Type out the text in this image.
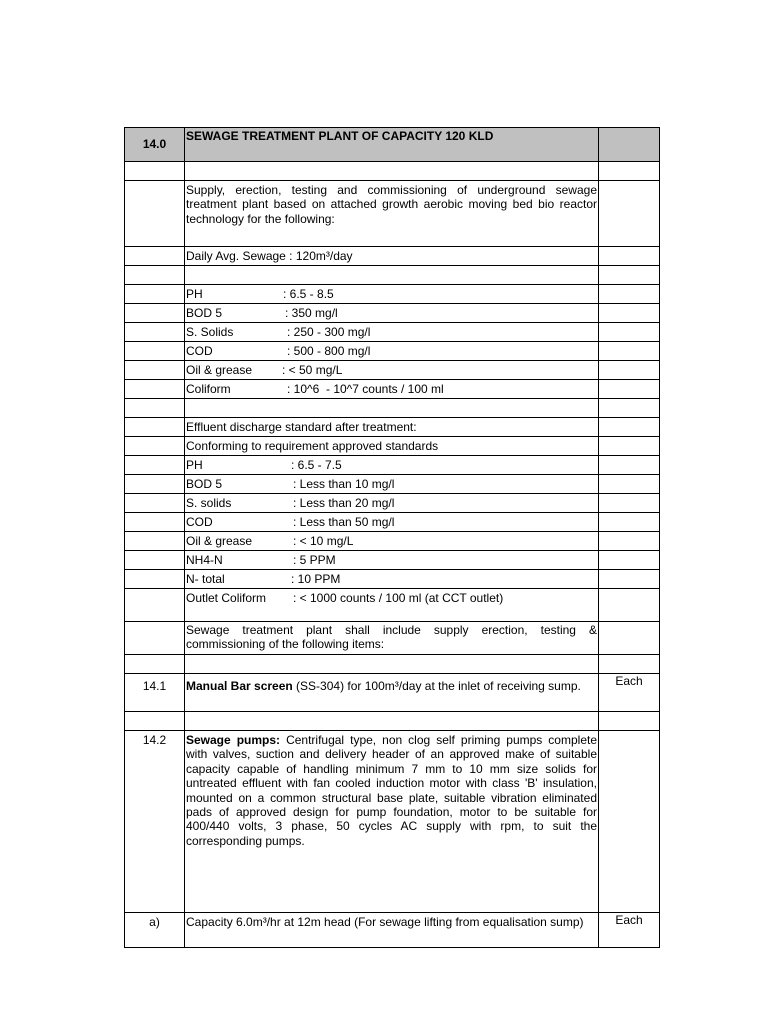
14.0	SEWAGE TREATMENT PLANT OF CAPACITY 120 KLD	

	Supply, erection, testing and commissioning of underground sewage treatment plant based on attached growth aerobic moving bed bio reactor technology for the following:	
	Daily Avg. Sewage : 120m³/day	

	PH : 6.5 - 8.5	

	BOD 5 : 350 mg/l	

	S. Solids : 250 - 300 mg/l	

	COD : 500 - 800 mg/l	

	Oil & grease : < 50 mg/L	

	Coliform : 10^6  - 10^7 counts / 100 ml	

	Effluent discharge standard after treatment:	
	Conforming to requirement approved standards	

	PH : 6.5 - 7.5	

	BOD 5 : Less than 10 mg/l	

	S. solids : Less than 20 mg/l	

	COD : Less than 50 mg/l	

	Oil & grease : < 10 mg/L	

	NH4-N : 5 PPM	

	N- total : 10 PPM	

	Outlet Coliform : < 1000 counts / 100 ml (at CCT outlet)	

	Sewage treatment plant shall include supply erection, testing & commissioning of the following items:	

14.1	Manual Bar screen (SS-304) for 100m³/day at the inlet of receiving sump.	Each

14.2	Sewage pumps: Centrifugal type, non clog self priming pumps complete with valves, suction and delivery header of an approved make of suitable capacity capable of handling minimum 7 mm to 10 mm size solids for untreated effluent with fan cooled induction motor with class 'B' insulation, mounted on a common structural base plate, suitable vibration eliminated pads of approved design for pump foundation, motor to be suitable for 400/440 volts, 3 phase, 50 cycles AC supply with rpm, to suit the corresponding pumps.	
a)	Capacity 6.0m³/hr at 12m head (For sewage lifting from equalisation sump)	Each
